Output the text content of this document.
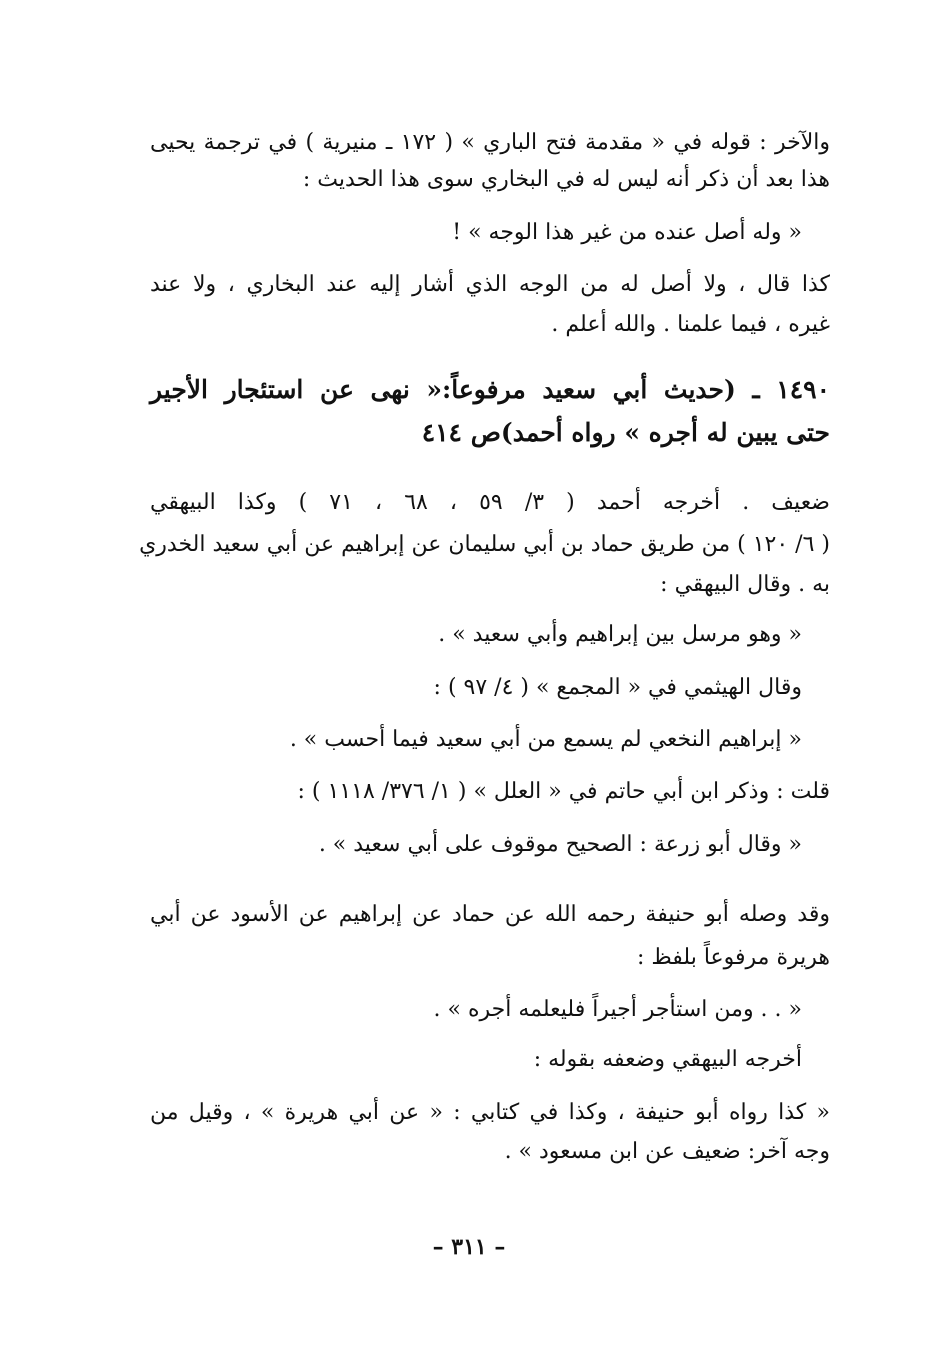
والآخر : قوله في « مقدمة فتح الباري » ( ١٧٢ ـ منيرية ) في ترجمة يحيى
هذا بعد أن ذكر أنه ليس له في البخاري سوى هذا الحديث :
« وله أصل عنده من غير هذا الوجه » !
كذا قال ، ولا أصل له من الوجه الذي أشار إليه عند البخاري ، ولا عند
غيره ، فيما علمنا . والله أعلم .
١٤٩٠ ـ (حديث أبي سعيد مرفوعاً:« نهى عن استئجار الأجير
حتى يبين له أجره » رواه أحمد)ص ٤١٤
ضعيف . أخرجه أحمد ( ٣/ ٥٩ ، ٦٨ ، ٧١ ) وكذا البيهقي
( ٦/ ١٢٠ ) من طريق حماد بن أبي سليمان عن إبراهيم عن أبي سعيد الخدري
به . وقال البيهقي :
« وهو مرسل بين إبراهيم وأبي سعيد » .
وقال الهيثمي في « المجمع » ( ٤/ ٩٧ ) :
« إبراهيم النخعي لم يسمع من أبي سعيد فيما أحسب » .
قلت : وذكر ابن أبي حاتم في « العلل » ( ١/ ٣٧٦/ ١١١٨ ) :
« وقال أبو زرعة : الصحيح موقوف على أبي سعيد » .
وقد وصله أبو حنيفة رحمه الله عن حماد عن إبراهيم عن الأسود عن أبي
هريرة مرفوعاً بلفظ :
« . . ومن استأجر أجيراً فليعلمه أجره » .
أخرجه البيهقي وضعفه بقوله :
« كذا رواه أبو حنيفة ، وكذا في كتابي : « عن أبي هريرة » ، وقيل من
وجه آخر: ضعيف عن ابن مسعود » .
– ٣١١ –
